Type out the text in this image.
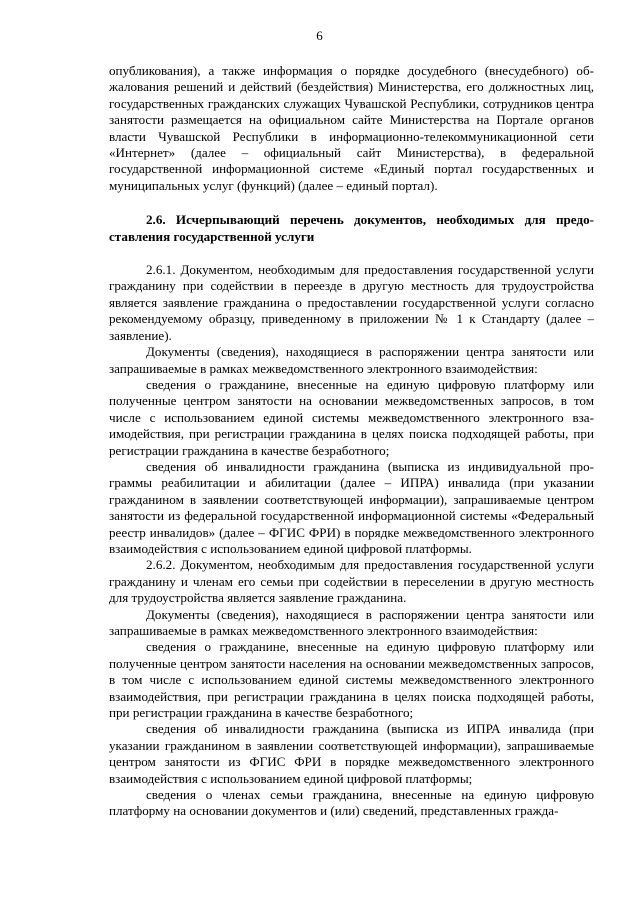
6

опубликования), а также информация о порядке досудебного (внесудебного) обжалования решений и действий (бездействия) Министерства, его должностных лиц, государственных гражданских служащих Чувашской Республики, сотрудников центра занятости размещается на официальном сайте Министерства на Портале органов власти Чувашской Республики в информационно-телекоммуникационной сети «Интернет» (далее – официальный сайт Министерства), в федеральной государственной информационной системе «Единый портал государственных и муниципальных услуг (функций) (далее – единый портал).

2.6. Исчерпывающий перечень документов, необходимых для предоставления государственной услуги

2.6.1. Документом, необходимым для предоставления государственной услуги гражданину при содействии в переезде в другую местность для трудоустройства является заявление гражданина о предоставлении государственной услуги согласно рекомендуемому образцу, приведенному в приложении № 1 к Стандарту (далее – заявление).

Документы (сведения), находящиеся в распоряжении центра занятости или запрашиваемые в рамках межведомственного электронного взаимодействия:

сведения о гражданине, внесенные на единую цифровую платформу или полученные центром занятости на основании межведомственных запросов, в том числе с использованием единой системы межведомственного электронного взаимодействия, при регистрации гражданина в целях поиска подходящей работы, при регистрации гражданина в качестве безработного;

сведения об инвалидности гражданина (выписка из индивидуальной программы реабилитации и абилитации (далее – ИПРА) инвалида (при указании гражданином в заявлении соответствующей информации), запрашиваемые центром занятости из федеральной государственной информационной системы «Федеральный реестр инвалидов» (далее – ФГИС ФРИ) в порядке межведомственного электронного взаимодействия с использованием единой цифровой платформы.

2.6.2. Документом, необходимым для предоставления государственной услуги гражданину и членам его семьи при содействии в переселении в другую местность для трудоустройства является заявление гражданина.

Документы (сведения), находящиеся в распоряжении центра занятости или запрашиваемые в рамках межведомственного электронного взаимодействия:

сведения о гражданине, внесенные на единую цифровую платформу или полученные центром занятости населения на основании межведомственных запросов, в том числе с использованием единой системы межведомственного электронного взаимодействия, при регистрации гражданина в целях поиска подходящей работы, при регистрации гражданина в качестве безработного;

сведения об инвалидности гражданина (выписка из ИПРА инвалида (при указании гражданином в заявлении соответствующей информации), запрашиваемые центром занятости из ФГИС ФРИ в порядке межведомственного электронного взаимодействия с использованием единой цифровой платформы;

сведения о членах семьи гражданина, внесенные на единую цифровую платформу на основании документов и (или) сведений, представленных гражда-
